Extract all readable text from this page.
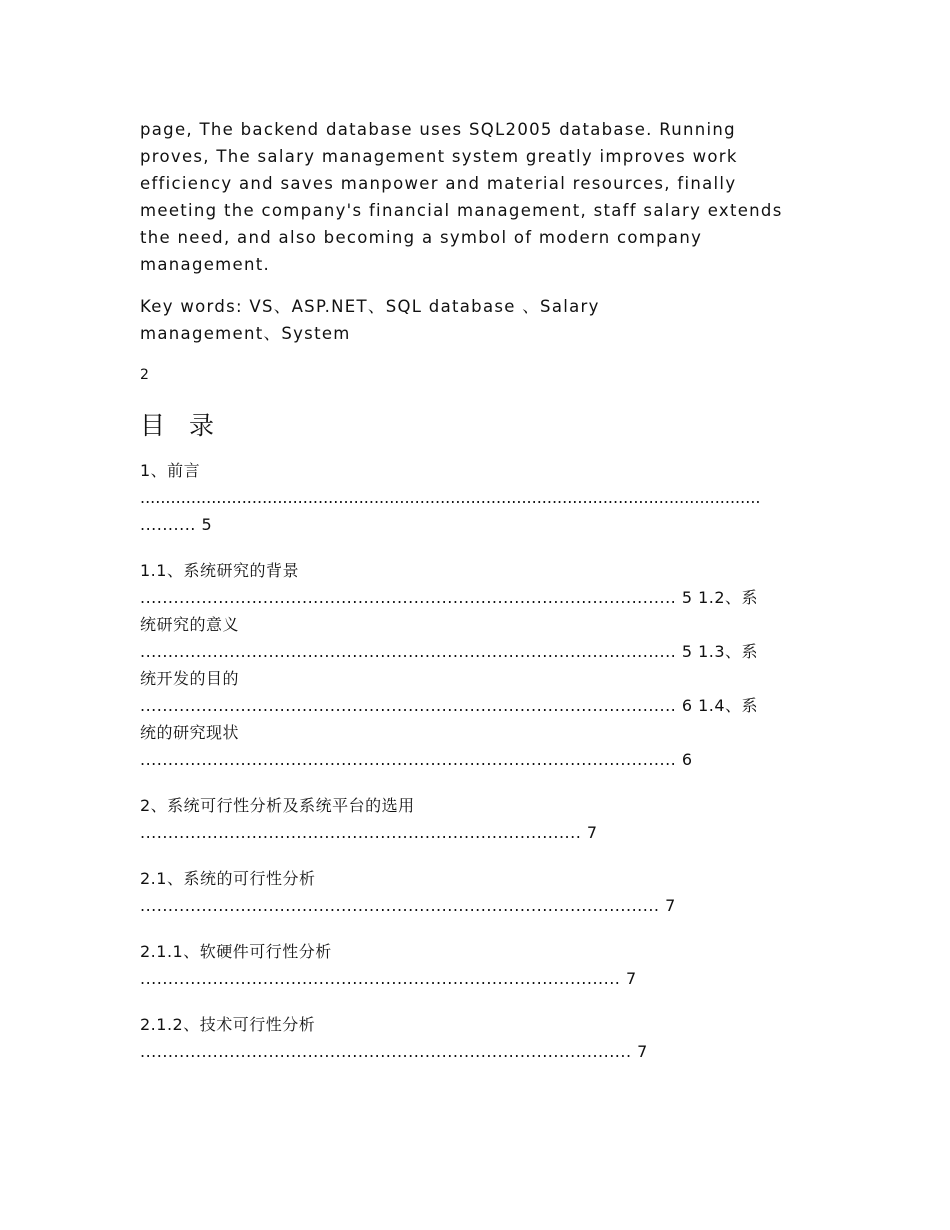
page, The backend database uses SQL2005 database. Running
proves, The salary management system greatly improves work
efficiency and saves manpower and material resources, finally
meeting the company's financial management, staff salary extends
the need, and also becoming a symbol of modern company
management.

Key words: VS、ASP.NET、SQL database 、Salary
management、System

2
目 录
1、前言
..........................................................................................................................
.......... 5
1.1、系统研究的背景
................................................................................................ 5 1.2、系
统研究的意义
................................................................................................ 5 1.3、系
统开发的目的
................................................................................................ 6 1.4、系
统的研究现状
................................................................................................ 6
2、系统可行性分析及系统平台的选用
............................................................................... 7
2.1、系统的可行性分析
............................................................................................. 7
2.1.1、软硬件可行性分析
...................................................................................... 7
2.1.2、技术可行性分析
........................................................................................ 7
